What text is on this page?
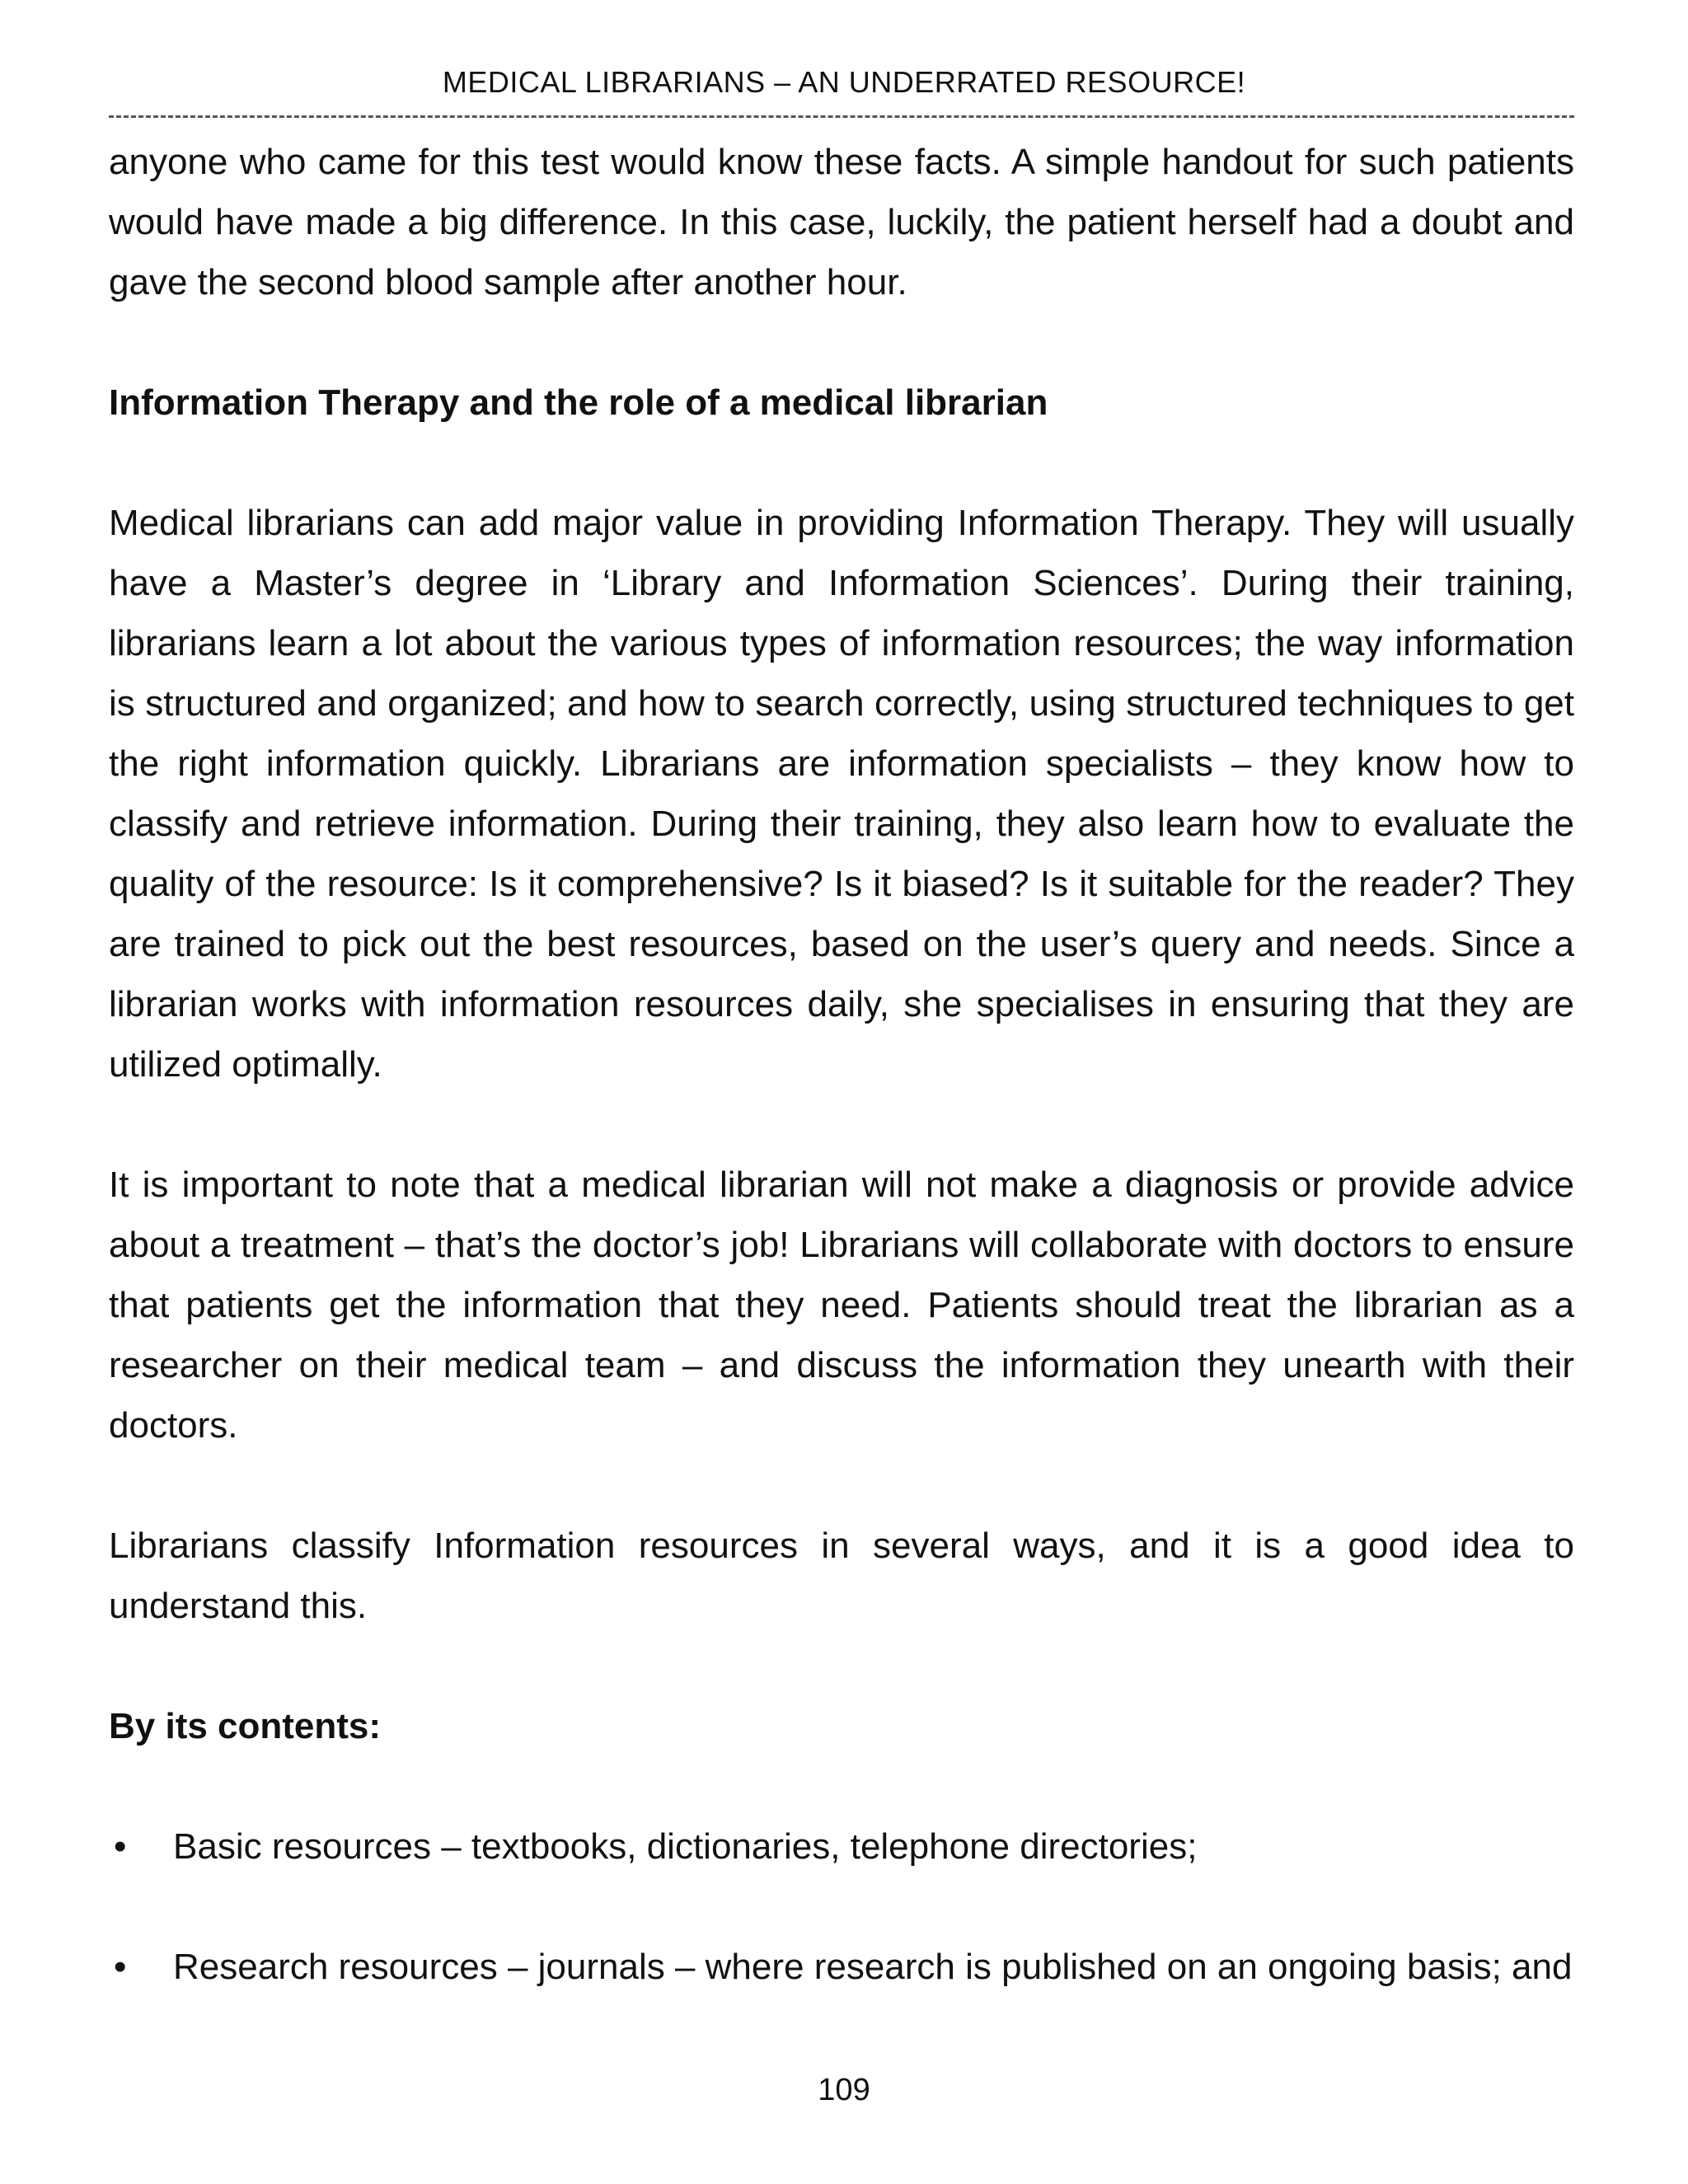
MEDICAL LIBRARIANS – AN UNDERRATED RESOURCE!

anyone who came for this test would know these facts. A simple handout for such patients would have made a big difference. In this case, luckily, the patient herself had a doubt and gave the second blood sample after another hour.

Information Therapy and the role of a medical librarian

Medical librarians can add major value in providing Information Therapy. They will usually have a Master’s degree in ‘Library and Information Sciences’. During their training, librarians learn a lot about the various types of information resources; the way information is structured and organized; and how to search correctly, using structured techniques to get the right information quickly. Librarians are information specialists – they know how to classify and retrieve information. During their training, they also learn how to evaluate the quality of the resource: Is it comprehensive? Is it biased? Is it suitable for the reader? They are trained to pick out the best resources, based on the user’s query and needs. Since a librarian works with information resources daily, she specialises in ensuring that they are utilized optimally.

It is important to note that a medical librarian will not make a diagnosis or provide advice about a treatment – that’s the doctor’s job! Librarians will collaborate with doctors to ensure that patients get the information that they need. Patients should treat the librarian as a researcher on their medical team – and discuss the information they unearth with their doctors.

Librarians classify Information resources in several ways, and it is a good idea to understand this.

By its contents:
• Basic resources – textbooks, dictionaries, telephone directories;
• Research resources – journals – where research is published on an ongoing basis; and
109
